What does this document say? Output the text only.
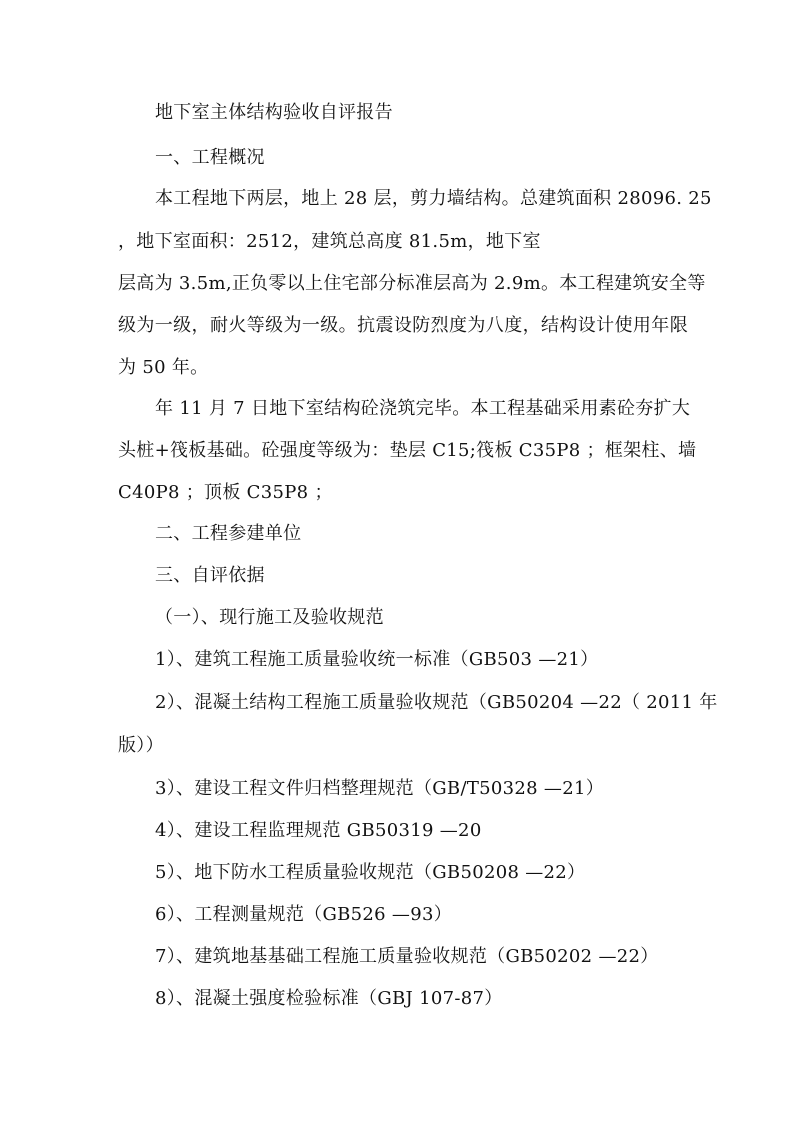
地下室主体结构验收自评报告
一、工程概况
本工程地下两层，地上 28 层，剪力墙结构。总建筑面积 28096. 25
，地下室面积：2512，建筑总高度 81.5m，地下室
层高为 3.5m,正负零以上住宅部分标准层高为 2.9m。本工程建筑安全等
级为一级，耐火等级为一级。抗震设防烈度为八度，结构设计使用年限
为 50 年。
年 11 月 7 日地下室结构砼浇筑完毕。本工程基础采用素砼夯扩大
头桩+筏板基础。砼强度等级为：垫层 C15;筏板 C35P8 ；框架柱、墙
C40P8 ；顶板 C35P8 ；
二、工程参建单位
三、自评依据
（一）、现行施工及验收规范
1）、建筑工程施工质量验收统一标准（GB503 —21）
2）、混凝土结构工程施工质量验收规范（GB50204 —22（ 2011 年
版））
3）、建设工程文件归档整理规范（GB/T50328 —21）
4）、建设工程监理规范 GB50319 —20
5）、地下防水工程质量验收规范（GB50208 —22）
6）、工程测量规范（GB526 —93）
7）、建筑地基基础工程施工质量验收规范（GB50202 —22）
8）、混凝土强度检验标准（GBJ 107-87）
